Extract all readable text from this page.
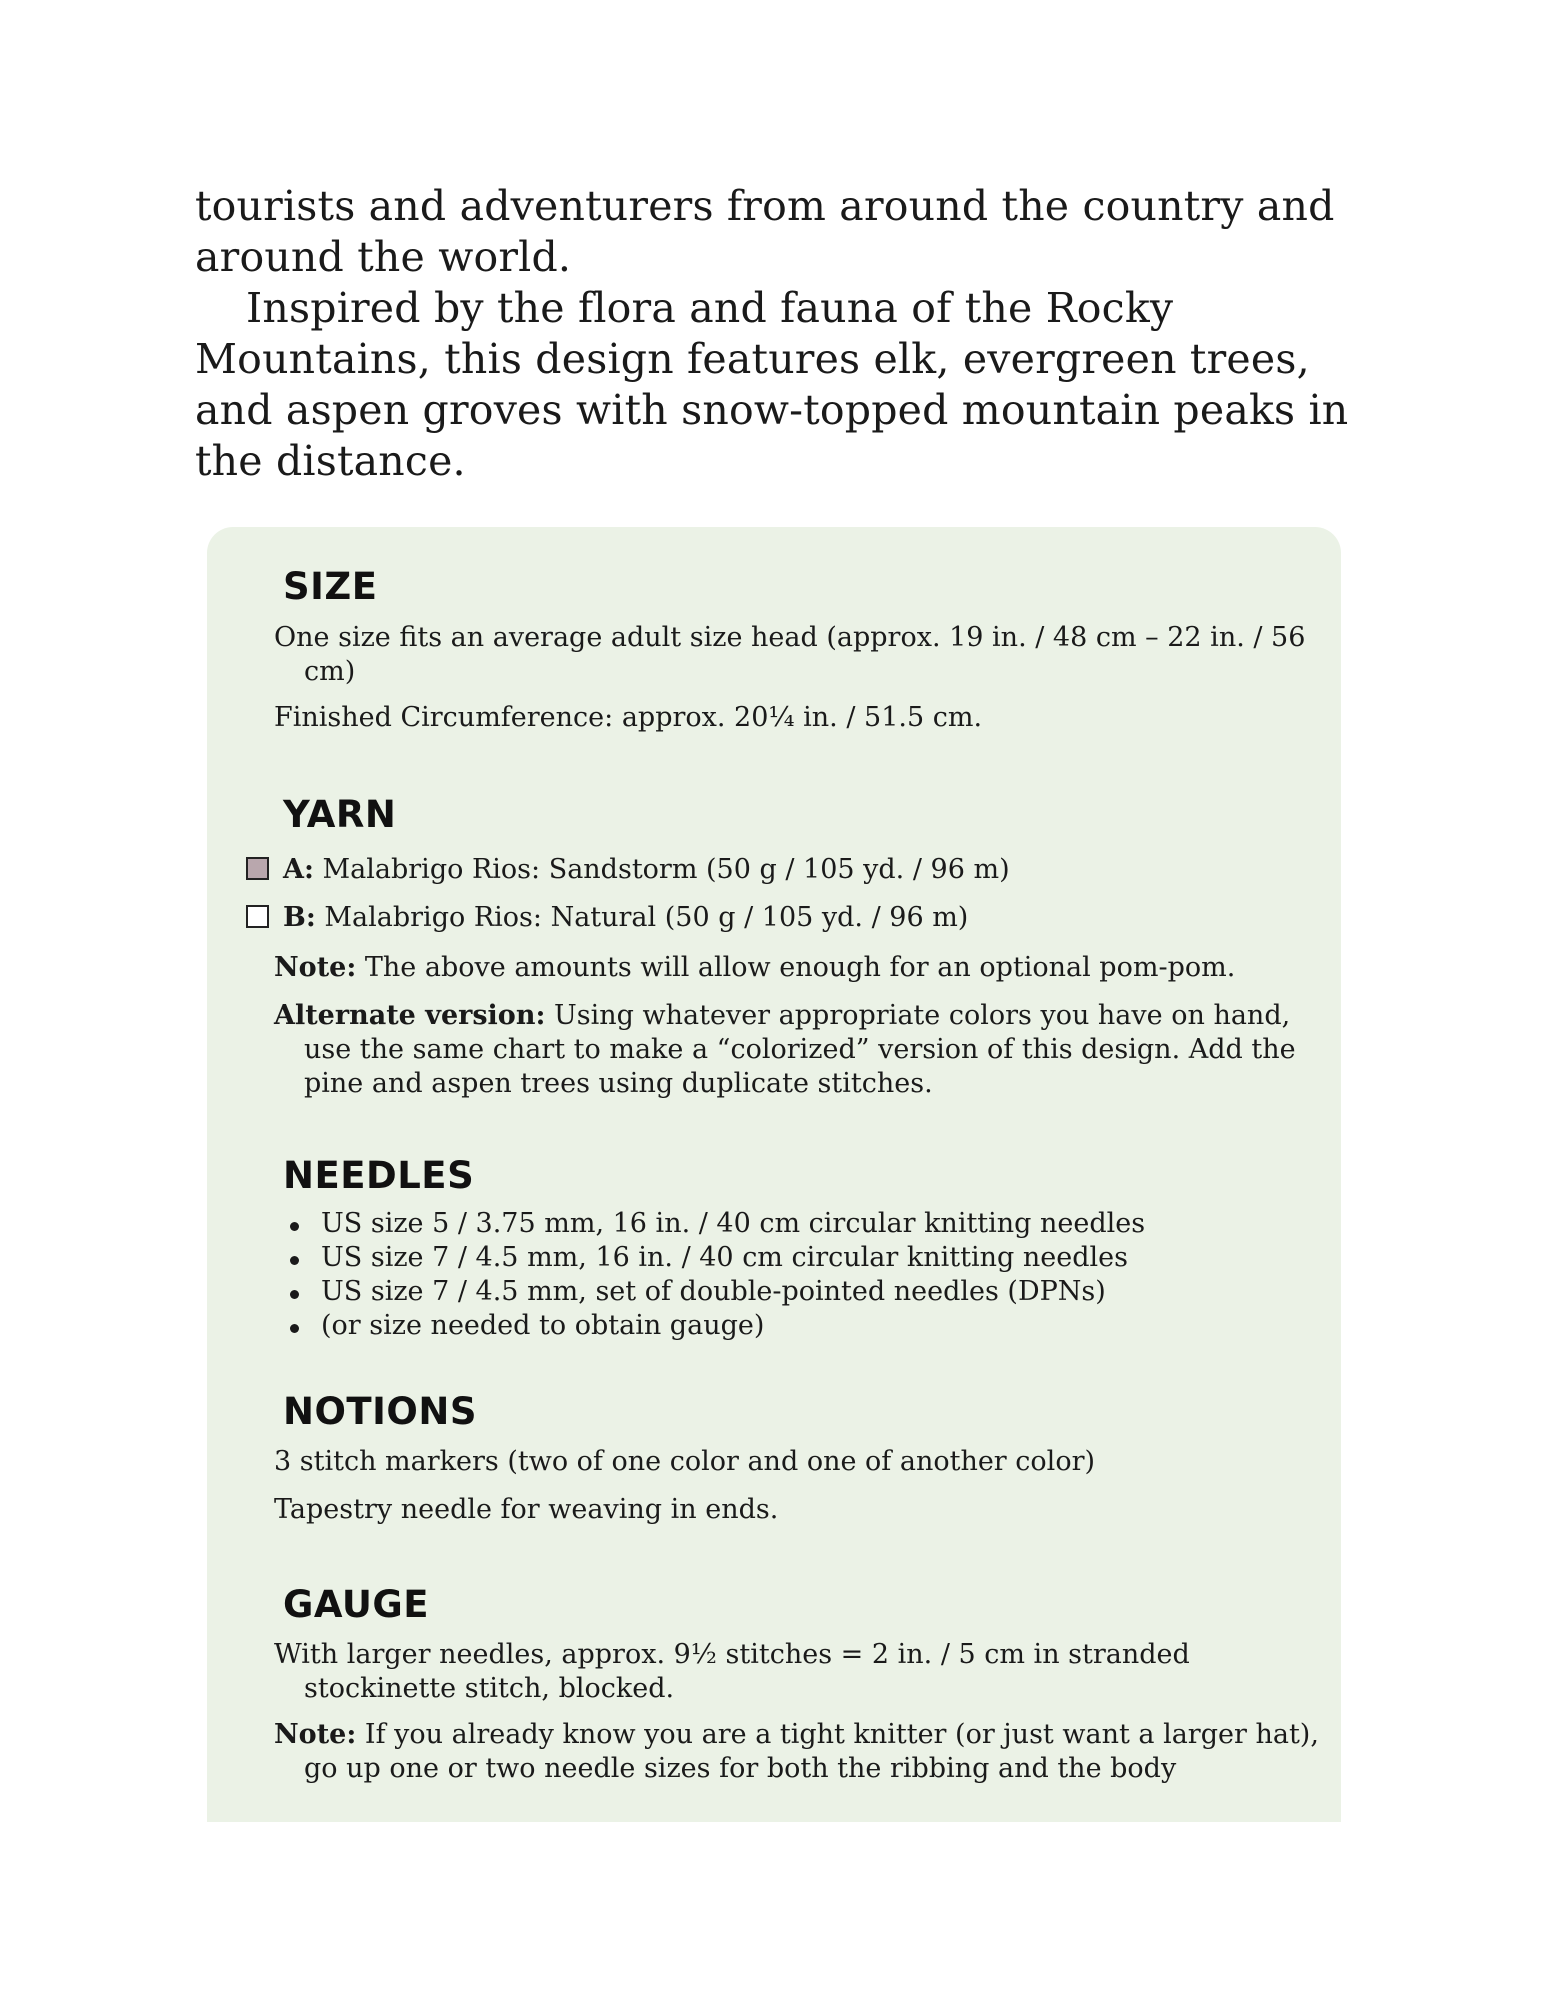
tourists and adventurers from around the country and around the world.

Inspired by the flora and fauna of the Rocky Mountains, this design features elk, evergreen trees, and aspen groves with snow-topped mountain peaks in the distance.

SIZE

One size fits an average adult size head (approx. 19 in. / 48 cm – 22 in. / 56 cm)

Finished Circumference: approx. 20¼ in. / 51.5 cm.

YARN
A:
Malabrigo Rios: Sandstorm (50 g / 105 yd. / 96 m)
B:
Malabrigo Rios: Natural (50 g / 105 yd. / 96 m)

Note: The above amounts will allow enough for an optional pom-pom.

Alternate version: Using whatever appropriate colors you have on hand, use the same chart to make a “colorized” version of this design. Add the pine and aspen trees using duplicate stitches.

NEEDLES
US size 5 / 3.75 mm, 16 in. / 40 cm circular knitting needles
US size 7 / 4.5 mm, 16 in. / 40 cm circular knitting needles
US size 7 / 4.5 mm, set of double-pointed needles (DPNs)
(or size needed to obtain gauge)
NOTIONS

3 stitch markers (two of one color and one of another color)

Tapestry needle for weaving in ends.

GAUGE

With larger needles, approx. 9½ stitches = 2 in. / 5 cm in stranded stockinette stitch, blocked.

Note: If you already know you are a tight knitter (or just want a larger hat), go up one or two needle sizes for both the ribbing and the body
